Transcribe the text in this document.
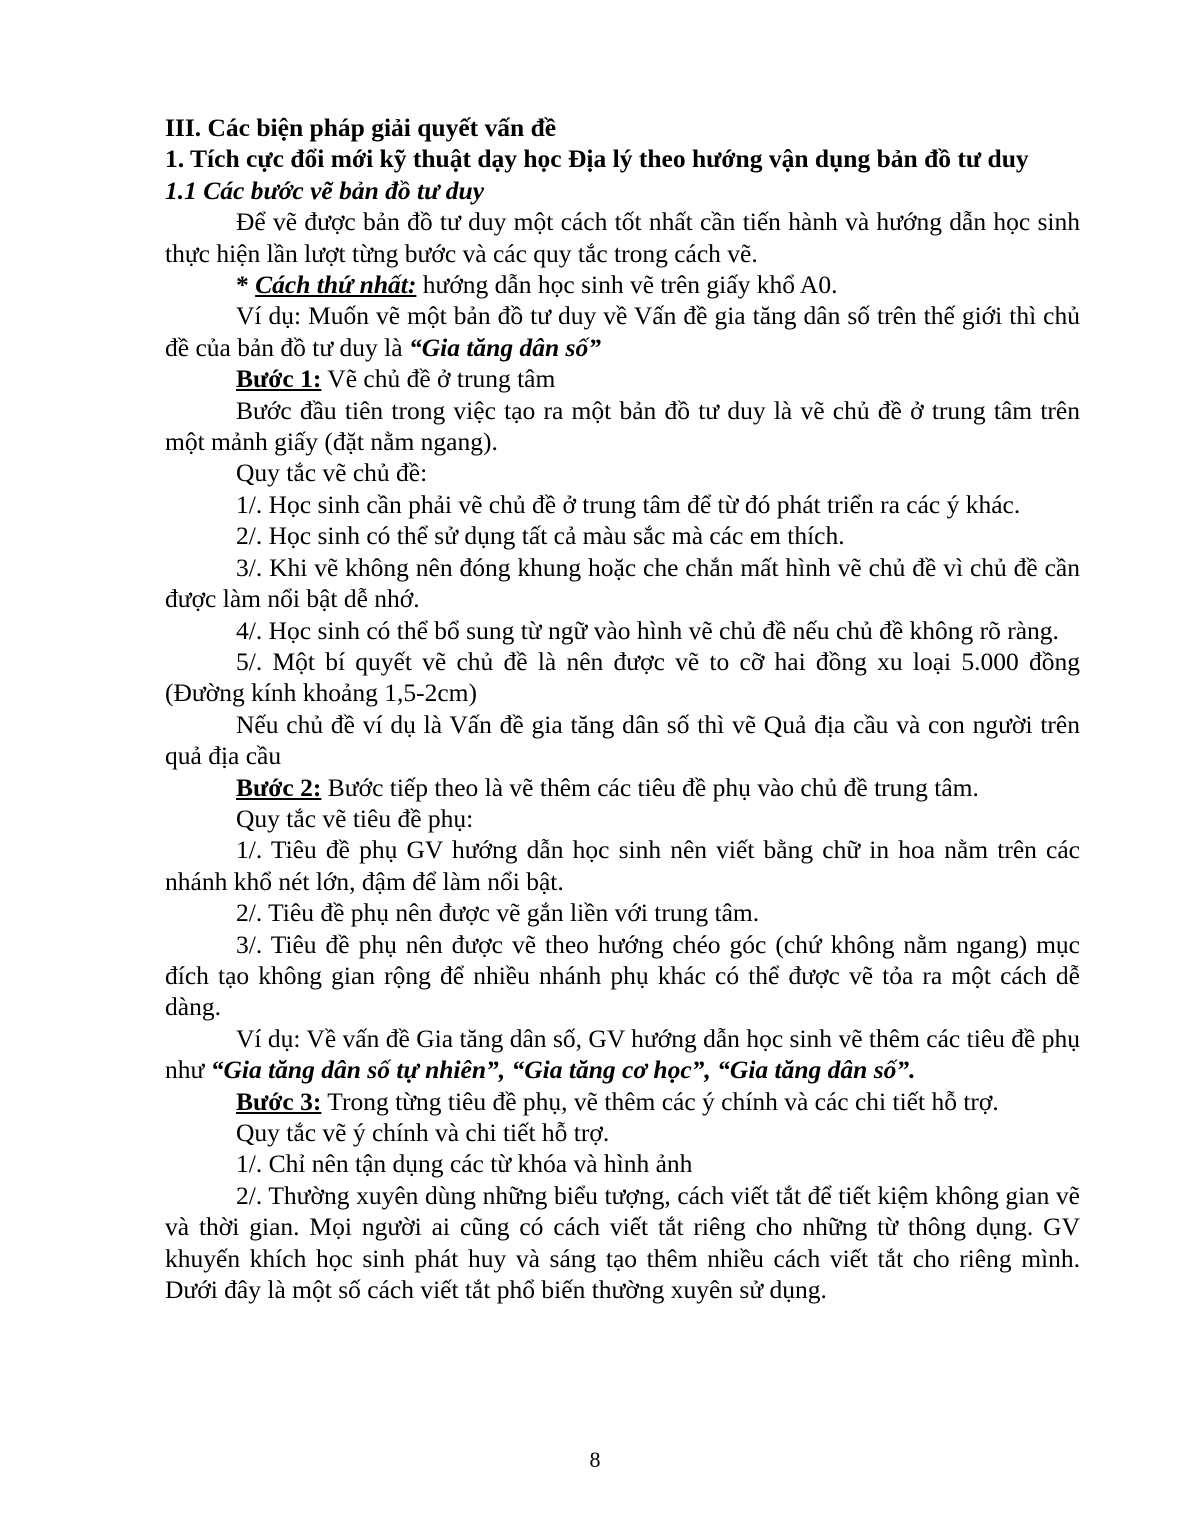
III. Các biện pháp giải quyết vấn đề

1. Tích cực đổi mới kỹ thuật dạy học Địa lý theo hướng vận dụng bản đồ tư duy

1.1 Các bước vẽ bản đồ tư duy

Để vẽ được bản đồ tư duy một cách tốt nhất cần tiến hành và hướng dẫn học sinh thực hiện lần lượt từng bước và các quy tắc trong cách vẽ.

* Cách thứ nhất: hướng dẫn học sinh vẽ trên giấy khổ A0.

Ví dụ: Muốn vẽ một bản đồ tư duy về Vấn đề gia tăng dân số trên thế giới thì chủ đề của bản đồ tư duy là “Gia tăng dân số”

Bước 1: Vẽ chủ đề ở trung tâm

Bước đầu tiên trong việc tạo ra một bản đồ tư duy là vẽ chủ đề ở trung tâm trên một mảnh giấy (đặt nằm ngang).

Quy tắc vẽ chủ đề:

1/. Học sinh cần phải vẽ chủ đề ở trung tâm để từ đó phát triển ra các ý khác.

2/. Học sinh có thể sử dụng tất cả màu sắc mà các em thích.

3/. Khi vẽ không nên đóng khung hoặc che chắn mất hình vẽ chủ đề vì chủ đề cần được làm nổi bật dễ nhớ.

4/. Học sinh có thể bổ sung từ ngữ vào hình vẽ chủ đề nếu chủ đề không rõ ràng.

5/. Một bí quyết vẽ chủ đề là nên được vẽ to cỡ hai đồng xu loại 5.000 đồng (Đường kính khoảng 1,5-2cm)

Nếu chủ đề ví dụ là Vấn đề gia tăng dân số thì vẽ Quả địa cầu và con người trên quả địa cầu

Bước 2: Bước tiếp theo là vẽ thêm các tiêu đề phụ vào chủ đề trung tâm.

Quy tắc vẽ tiêu đề phụ:

1/. Tiêu đề phụ GV hướng dẫn học sinh nên viết bằng chữ in hoa nằm trên các nhánh khổ nét lớn, đậm để làm nổi bật.

2/. Tiêu đề phụ nên được vẽ gắn liền với trung tâm.

3/. Tiêu đề phụ nên được vẽ theo hướng chéo góc (chứ không nằm ngang) mục đích tạo không gian rộng để nhiều nhánh phụ khác có thể được vẽ tỏa ra một cách dễ dàng.

Ví dụ: Về vấn đề Gia tăng dân số, GV hướng dẫn học sinh vẽ thêm các tiêu đề phụ như “Gia tăng dân số tự nhiên”, “Gia tăng cơ học”, “Gia tăng dân số”.

Bước 3: Trong từng tiêu đề phụ, vẽ thêm các ý chính và các chi tiết hỗ trợ.

Quy tắc vẽ ý chính và chi tiết hỗ trợ.

1/. Chỉ nên tận dụng các từ khóa và hình ảnh

2/. Thường xuyên dùng những biểu tượng, cách viết tắt để tiết kiệm không gian vẽ và thời gian. Mọi người ai cũng có cách viết tắt riêng cho những từ thông dụng. GV khuyến khích học sinh phát huy và sáng tạo thêm nhiều cách viết tắt cho riêng mình. Dưới đây là một số cách viết tắt phổ biến thường xuyên sử dụng.

8
